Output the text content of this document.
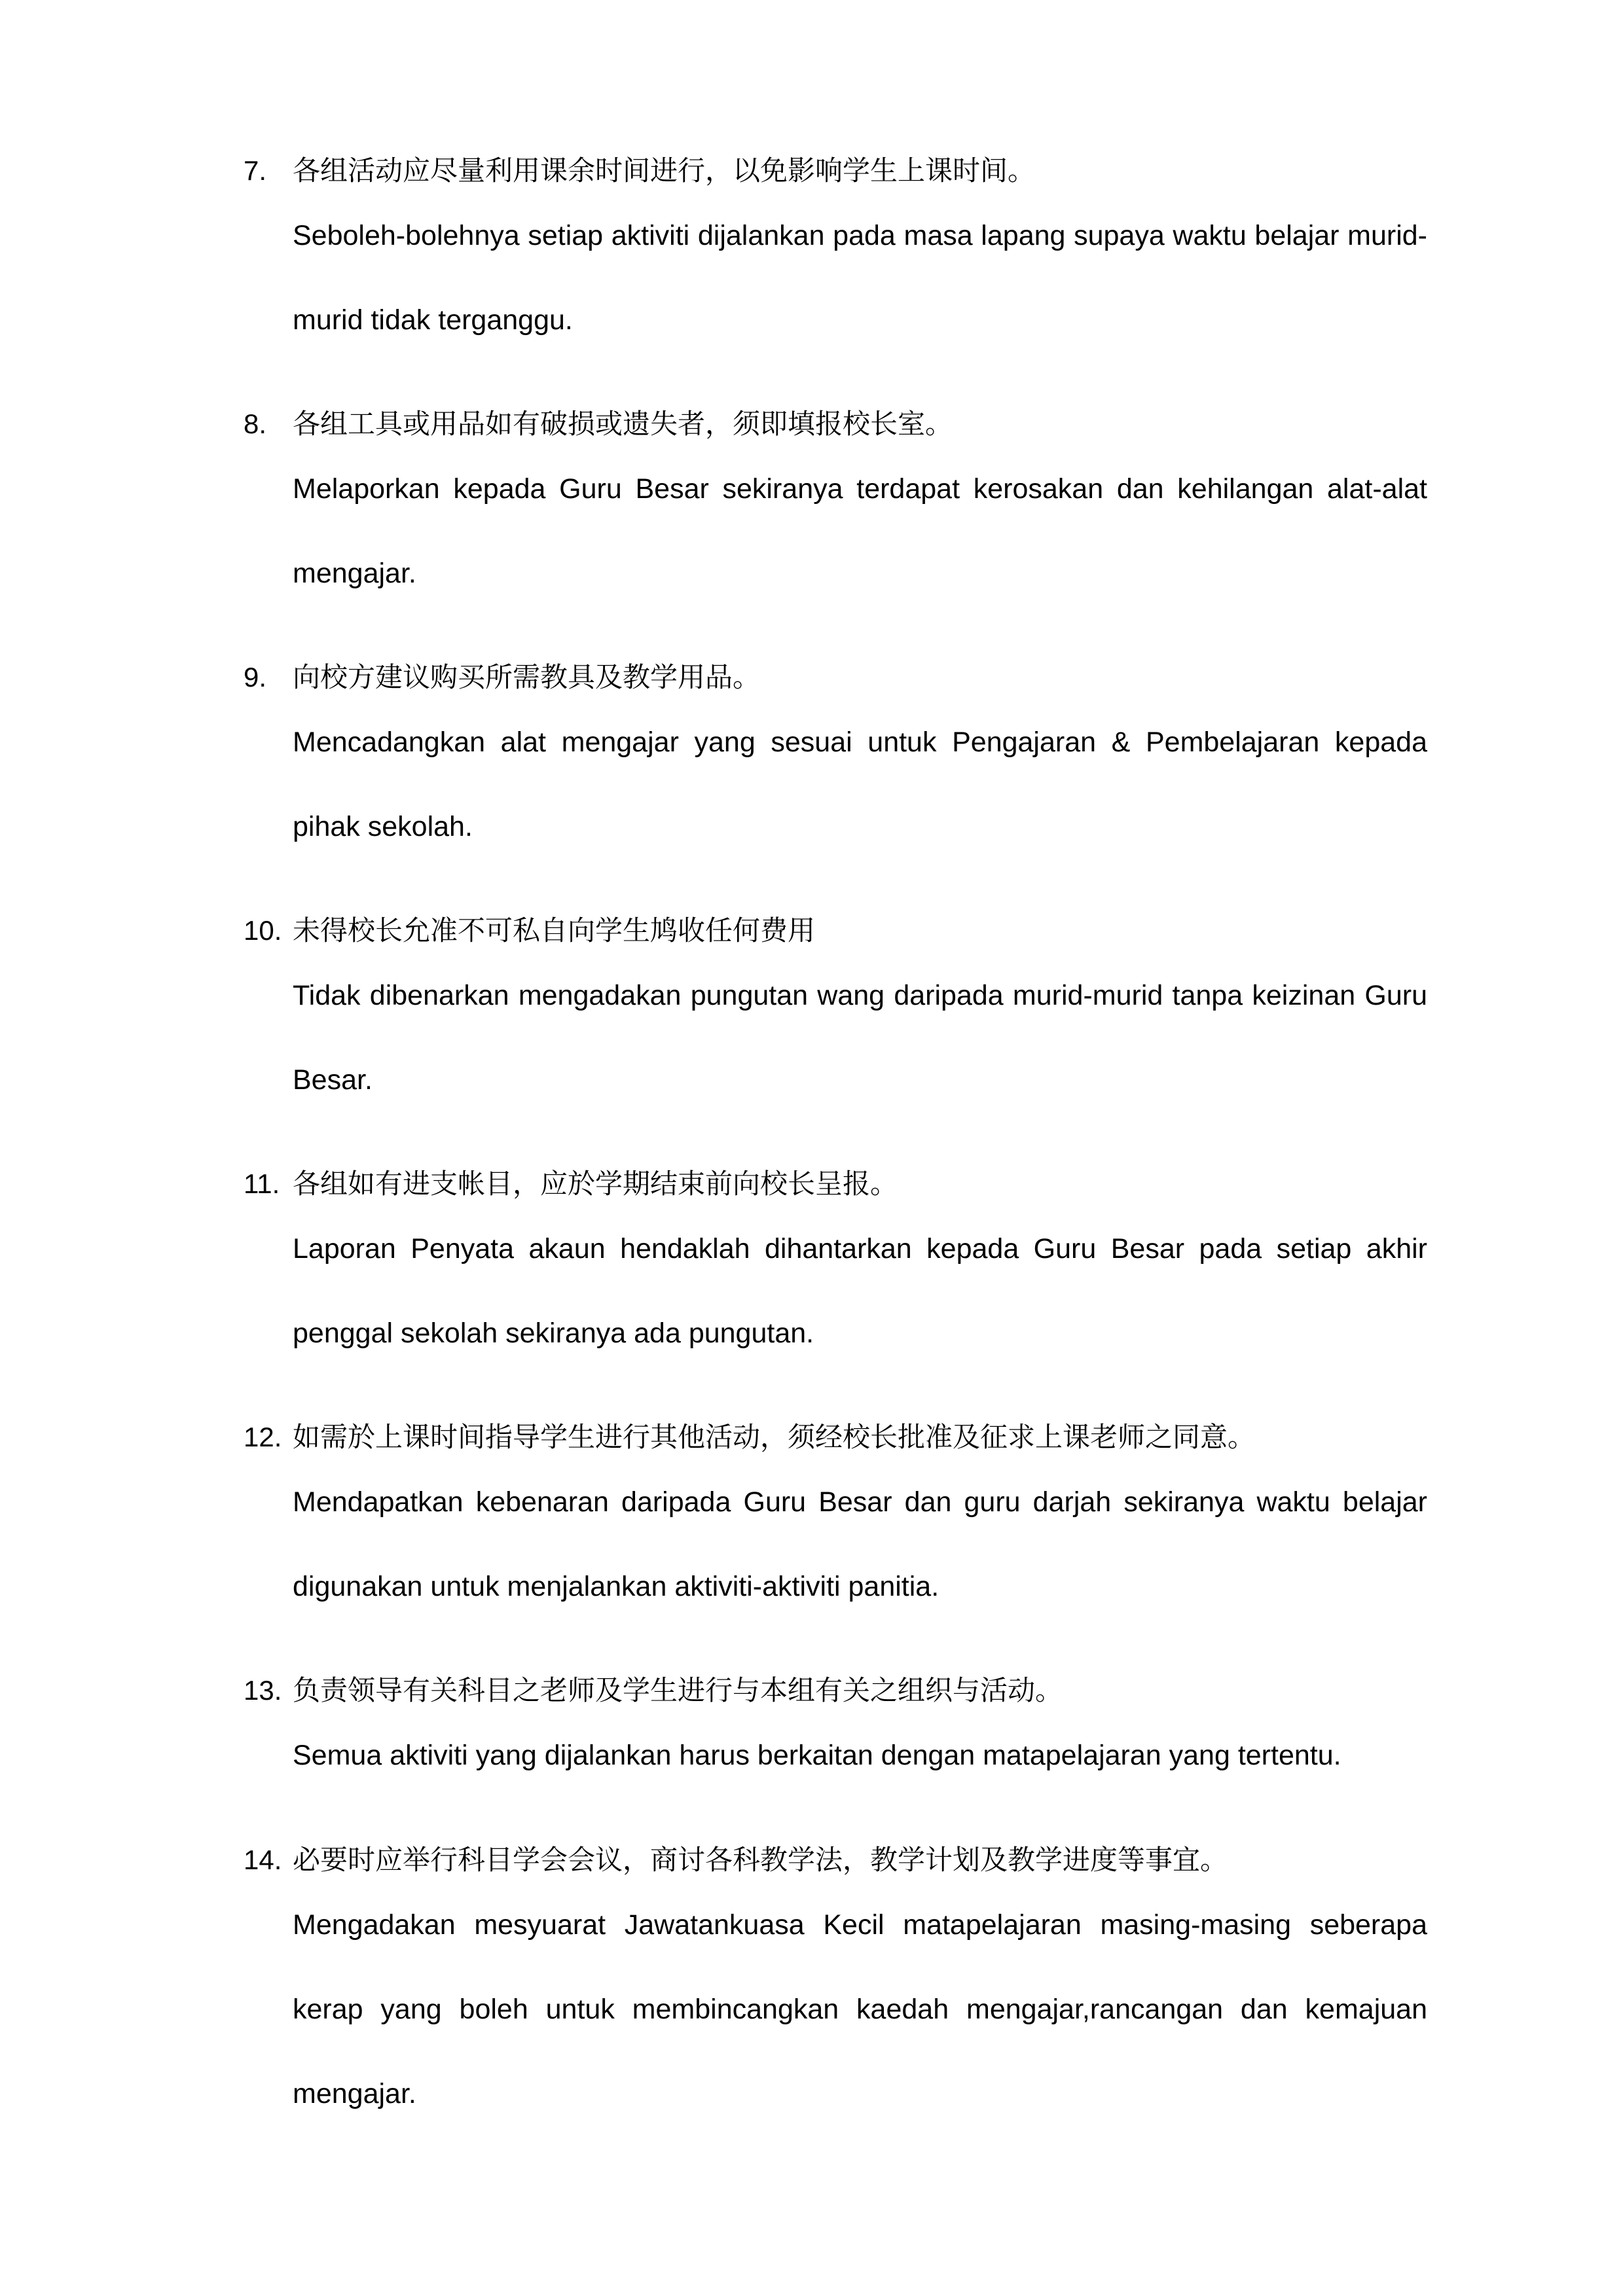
7. 各组活动应尽量利用课余时间进行，以免影响学生上课时间。
Seboleh-bolehnya setiap aktiviti dijalankan pada masa lapang supaya waktu belajar murid-murid tidak terganggu.
8. 各组工具或用品如有破损或遗失者，须即填报校长室。
Melaporkan kepada Guru Besar sekiranya terdapat kerosakan dan kehilangan alat-alat mengajar.
9. 向校方建议购买所需教具及教学用品。
Mencadangkan alat mengajar yang sesuai untuk Pengajaran & Pembelajaran kepada pihak sekolah.
10. 未得校长允准不可私自向学生鸠收任何费用
Tidak dibenarkan mengadakan pungutan wang daripada murid-murid tanpa keizinan Guru Besar.
11. 各组如有进支帐目，应於学期结束前向校长呈报。
Laporan Penyata akaun hendaklah dihantarkan kepada Guru Besar pada setiap akhir penggal sekolah sekiranya ada pungutan.
12. 如需於上课时间指导学生进行其他活动，须经校长批准及征求上课老师之同意。
Mendapatkan kebenaran daripada Guru Besar dan guru darjah sekiranya waktu belajar digunakan untuk menjalankan aktiviti-aktiviti panitia.
13. 负责领导有关科目之老师及学生进行与本组有关之组织与活动。
Semua aktiviti yang dijalankan harus berkaitan dengan matapelajaran yang tertentu.
14. 必要时应举行科目学会会议，商讨各科教学法，教学计划及教学进度等事宜。
Mengadakan mesyuarat Jawatankuasa Kecil matapelajaran masing-masing seberapa kerap yang boleh untuk membincangkan kaedah mengajar,rancangan dan kemajuan mengajar.
